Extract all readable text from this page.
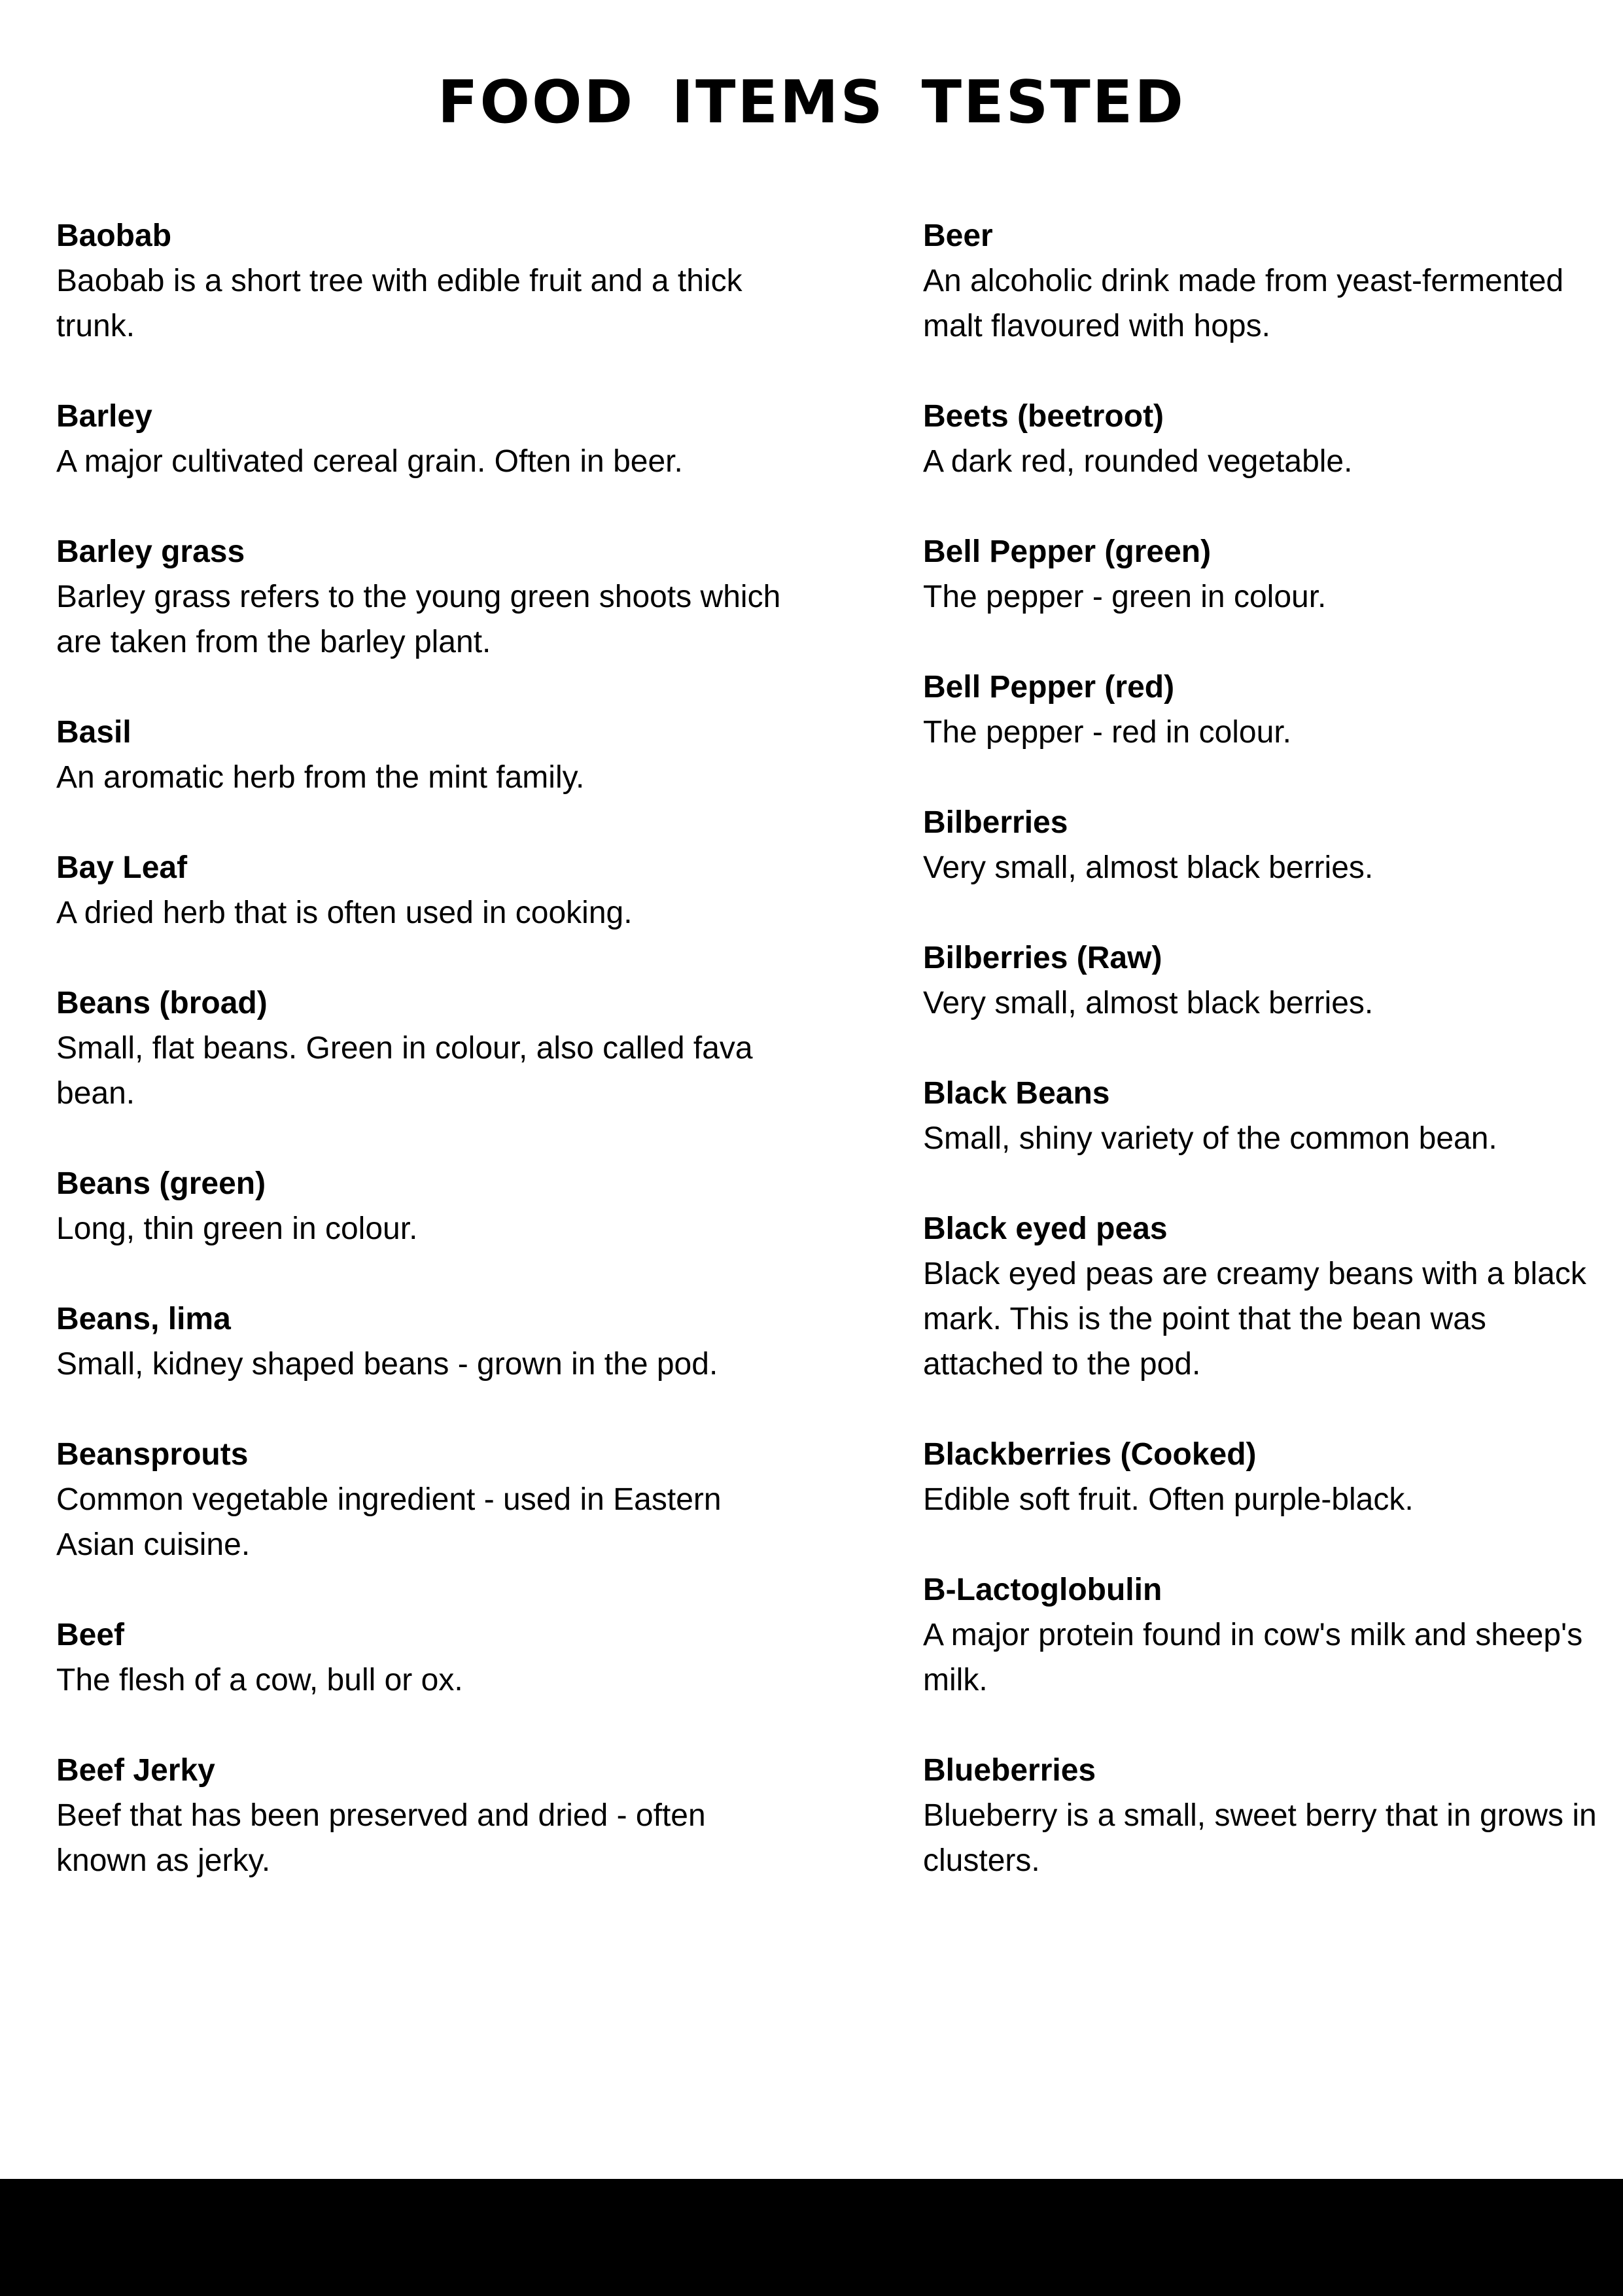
FOOD ITEMS TESTED

Baobab

Baobab is a short tree with edible fruit and a thick trunk.

Barley

A major cultivated cereal grain. Often in beer.

Barley grass

Barley grass refers to the young green shoots which are taken from the barley plant.

Basil

An aromatic herb from the mint family.

Bay Leaf

A dried herb that is often used in cooking.

Beans (broad)

Small, flat beans. Green in colour, also called fava bean.

Beans (green)

Long, thin green in colour.

Beans, lima

Small, kidney shaped beans - grown in the pod.

Beansprouts

Common vegetable ingredient - used in Eastern Asian cuisine.

Beef

The flesh of a cow, bull or ox.

Beef Jerky

Beef that has been preserved and dried - often known as jerky.

Beer

An alcoholic drink made from yeast-fermented malt flavoured with hops.

Beets (beetroot)

A dark red, rounded vegetable.

Bell Pepper (green)

The pepper - green in colour.

Bell Pepper (red)

The pepper - red in colour.

Bilberries

Very small, almost black berries.

Bilberries (Raw)

Very small, almost black berries.

Black Beans

Small, shiny variety of the common bean.

Black eyed peas

Black eyed peas are creamy beans with a black mark. This is the point that the bean was attached to the pod.

Blackberries (Cooked)

Edible soft fruit. Often purple-black.

B-Lactoglobulin

A major protein found in cow's milk and sheep's milk.

Blueberries

Blueberry is a small, sweet berry that in grows in clusters.
